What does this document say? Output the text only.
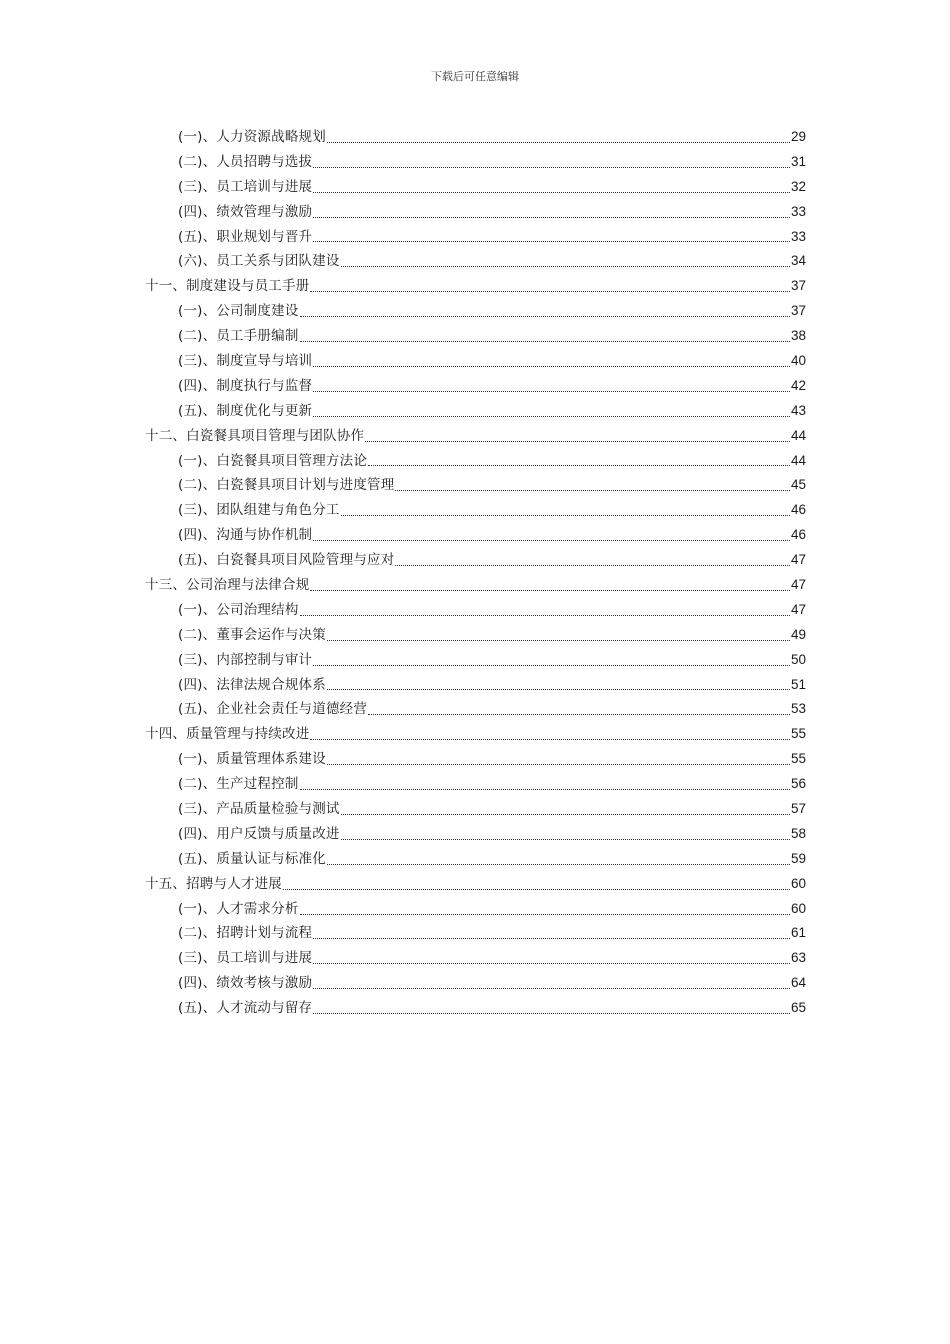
下载后可任意编辑
(一)、人力资源战略规划	29
(二)、人员招聘与选拔	31
(三)、员工培训与进展	32
(四)、绩效管理与激励	33
(五)、职业规划与晋升	33
(六)、员工关系与团队建设	34
十一、制度建设与员工手册	37
(一)、公司制度建设	37
(二)、员工手册编制	38
(三)、制度宣导与培训	40
(四)、制度执行与监督	42
(五)、制度优化与更新	43
十二、白瓷餐具项目管理与团队协作	44
(一)、白瓷餐具项目管理方法论	44
(二)、白瓷餐具项目计划与进度管理	45
(三)、团队组建与角色分工	46
(四)、沟通与协作机制	46
(五)、白瓷餐具项目风险管理与应对	47
十三、公司治理与法律合规	47
(一)、公司治理结构	47
(二)、董事会运作与决策	49
(三)、内部控制与审计	50
(四)、法律法规合规体系	51
(五)、企业社会责任与道德经营	53
十四、质量管理与持续改进	55
(一)、质量管理体系建设	55
(二)、生产过程控制	56
(三)、产品质量检验与测试	57
(四)、用户反馈与质量改进	58
(五)、质量认证与标准化	59
十五、招聘与人才进展	60
(一)、人才需求分析	60
(二)、招聘计划与流程	61
(三)、员工培训与进展	63
(四)、绩效考核与激励	64
(五)、人才流动与留存	65
